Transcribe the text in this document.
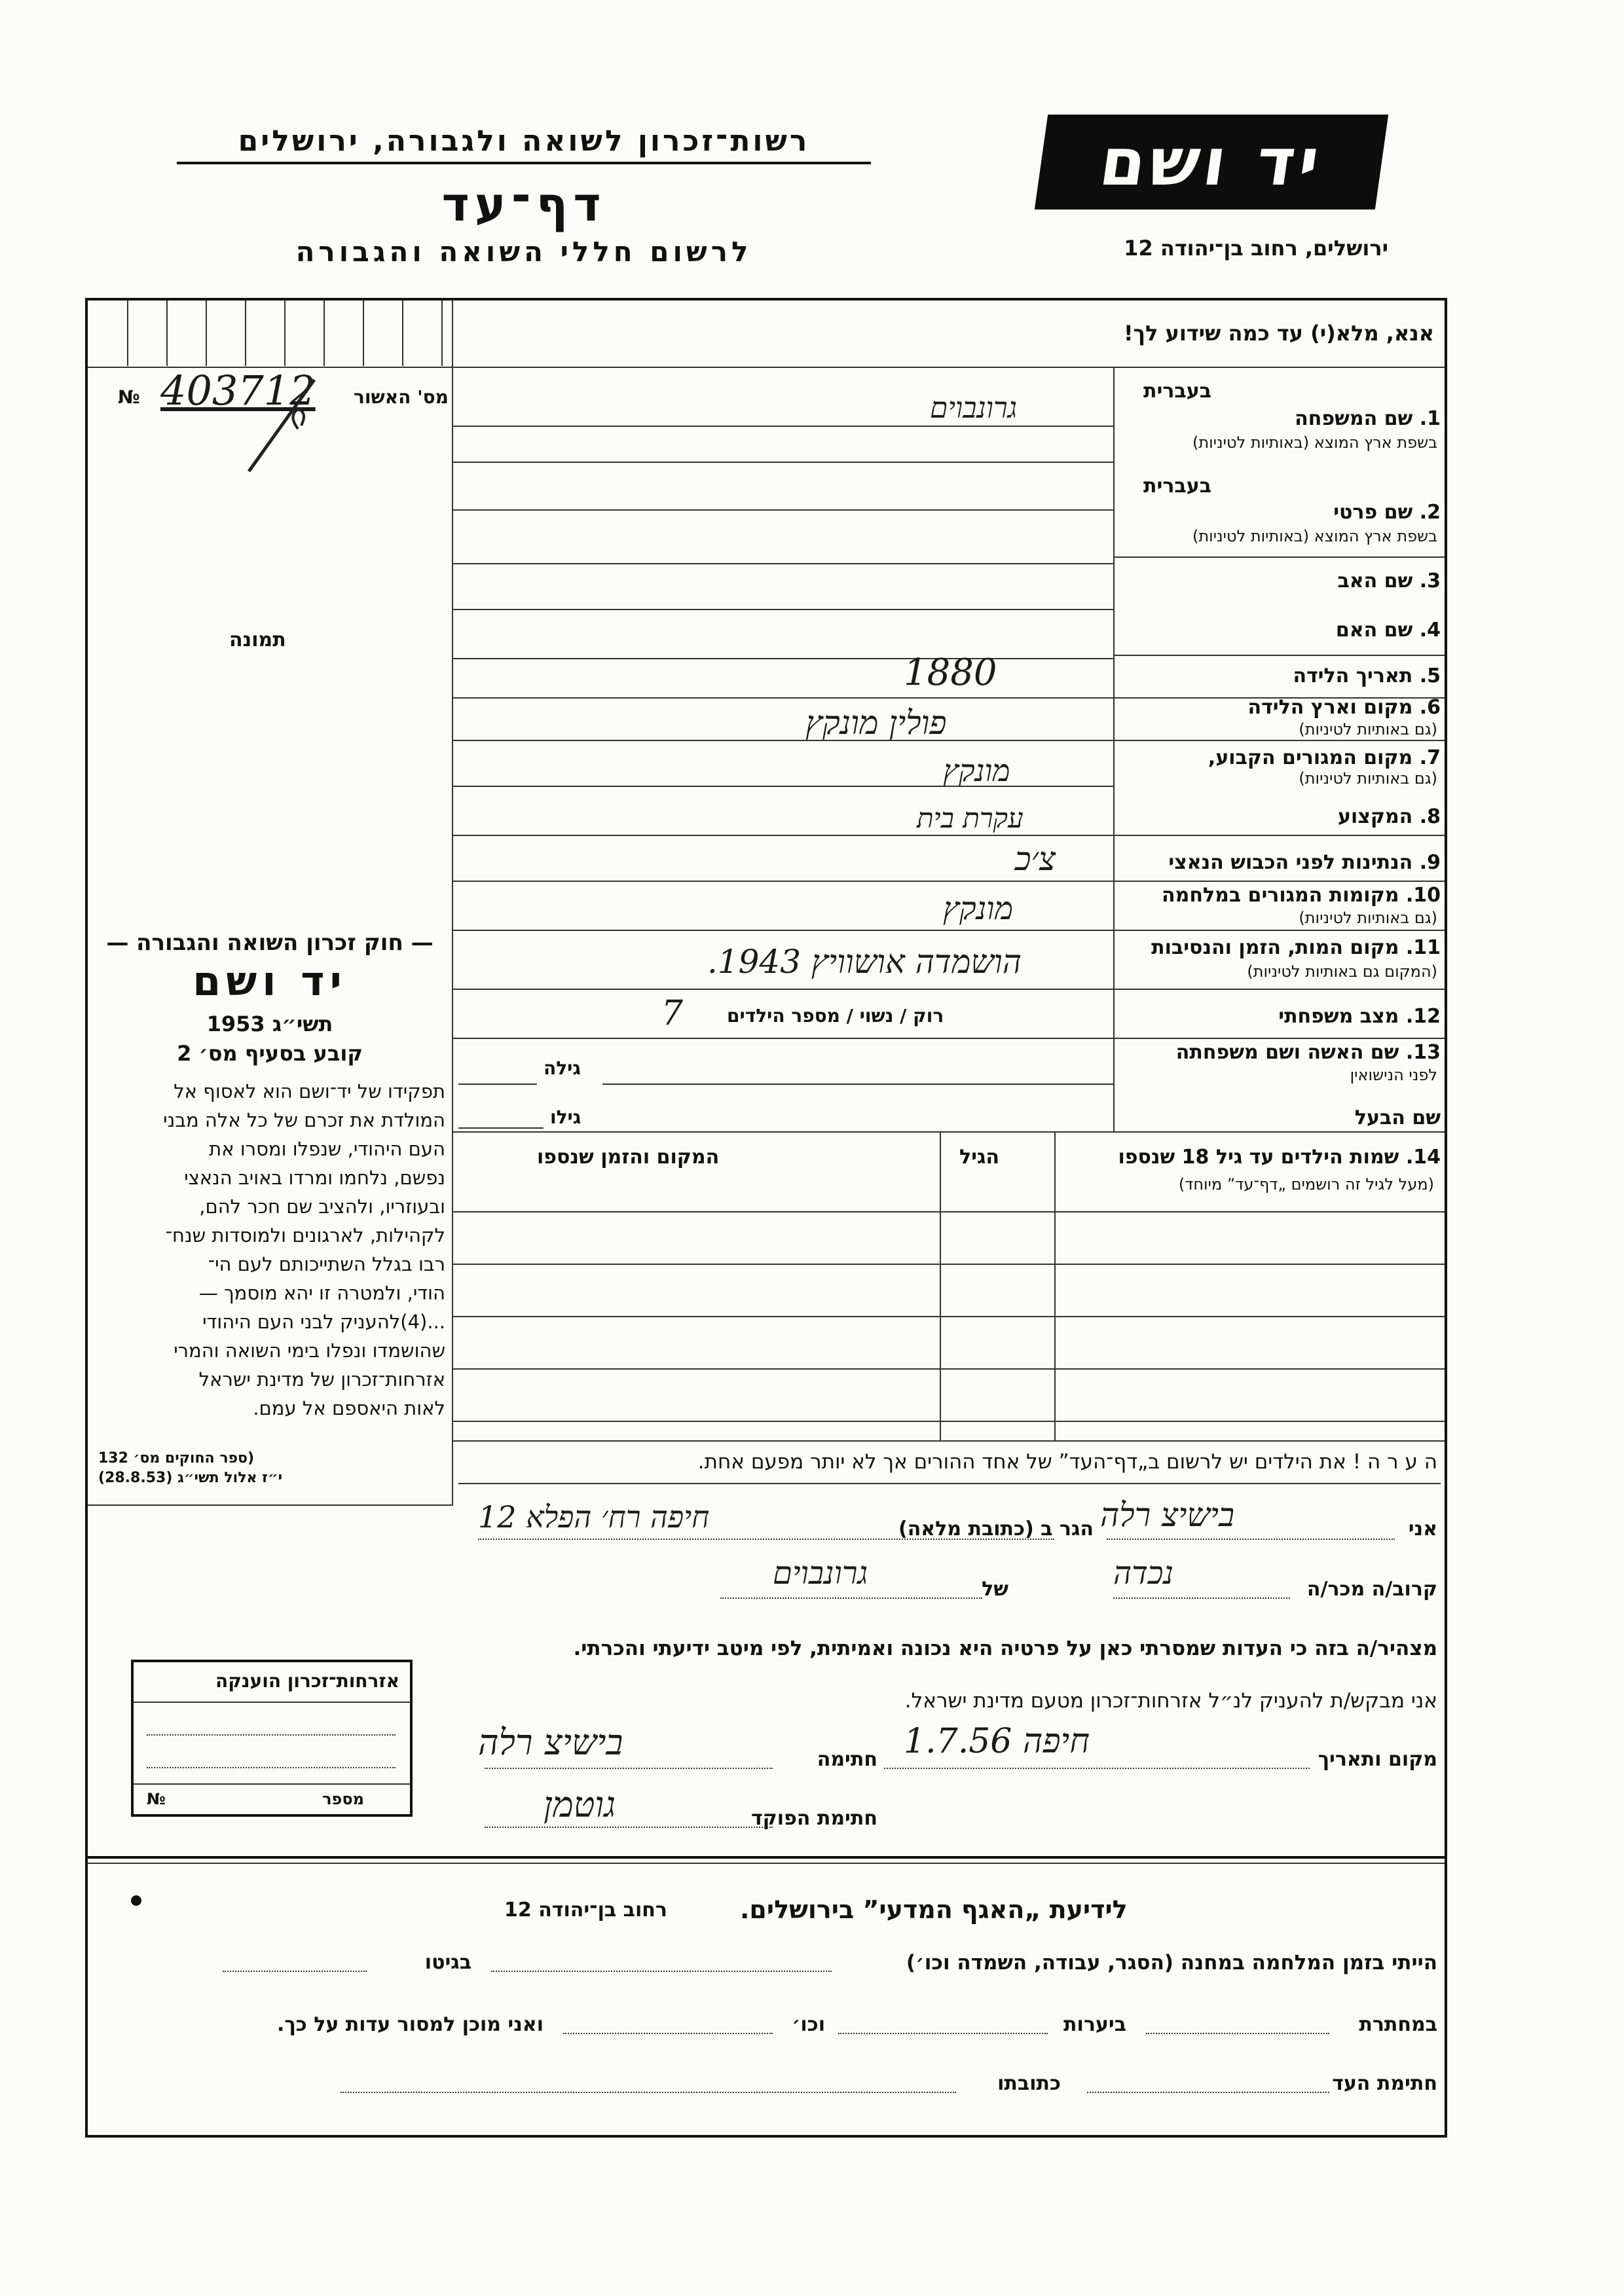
רשות־זכרון לשואה ולגבורה, ירושלים
דף־עד
לרשום חללי השואה והגבורה
יד ושם
ירושלים, רחוב בן־יהודה 12
אנא, מלא(י) עד כמה שידוע לך!
№	מס' האשור
403712
תמונה
— חוק זכרון השואה והגבורה —
יד ושם
תשי״ג 1953
קובע בסעיף מס׳ 2
תפקידו של יד־ושם הוא לאסוף אל
המולדת את זכרם של כל אלה מבני
העם היהודי, שנפלו ומסרו את
נפשם, נלחמו ומרדו באויב הנאצי
ובעוזריו, ולהציב שם חכר להם,
לקהילות, לארגונים ולמוסדות שנח־
רבו בגלל השתייכותם לעם הי־
הודי, ולמטרה זו יהא מוסמך —
...(4)להעניק לבני העם היהודי
שהושמדו ונפלו בימי השואה והמרי
אזרחות־זכרון של מדינת ישראל
לאות היאספם אל עמם.
(ספר החוקים מס׳ 132
י״ז אלול תשי״ג (28.8.53)
בעברית
1. שם המשפחה
בשפת ארץ המוצא (באותיות לטיניות)
גרונבוים
בעברית
2. שם פרטי
בשפת ארץ המוצא (באותיות לטיניות)
3. שם האב
4. שם האם
5. תאריך הלידה
1880
6. מקום וארץ הלידה
(גם באותיות לטיניות)
פולין מונקץ
7. מקום המגורים הקבוע,
(גם באותיות לטיניות)
מונקץ
8. המקצוע
עקרת בית
9. הנתינות לפני הכבוש הנאצי
צ׳כ
10. מקומות המגורים במלחמה
(גם באותיות לטיניות)
מונקץ
11. מקום המות, הזמן והנסיבות
(המקום גם באותיות לטיניות)
הושמדה אושוויץ 1943.
12. מצב משפחתי
רוק / נשוי / מספר הילדים
7
13. שם האשה ושם משפחתה
לפני הנישואין
גילה
שם הבעל
גילו
14. שמות הילדים עד גיל 18 שנספו
(מעל לגיל זה רושמים „דף־עד” מיוחד)
הגיל
המקום והזמן שנספו
ה ע ר ה ! את הילדים יש לרשום ב„דף־העד” של אחד ההורים אך לא יותר מפעם אחת.
אני
בישיצ רלה
הגר ב (כתובת מלאה)
חיפה רח׳ הפלא 12
קרוב/ה מכר/ה
נכדה
של
גרונבוים
מצהיר/ה בזה כי העדות שמסרתי כאן על פרטיה היא נכונה ואמיתית, לפי מיטב ידיעתי והכרתי.
אני מבקש/ת להעניק לנ״ל אזרחות־זכרון מטעם מדינת ישראל.
מקום ותאריך
חיפה 1.7.56
חתימה
בישיצ רלה
חתימת הפוקד
גוטמן
אזרחות־זכרון הוענקה
מספר
№
לידיעת „האגף המדעי” בירושלים.
רחוב בן־יהודה 12
הייתי בזמן המלחמה במחנה (הסגר, עבודה, השמדה וכו׳)
בגיטו
במחתרת
ביערות
וכו׳
ואני מוכן למסור עדות על כך.
חתימת העד
כתובתו
